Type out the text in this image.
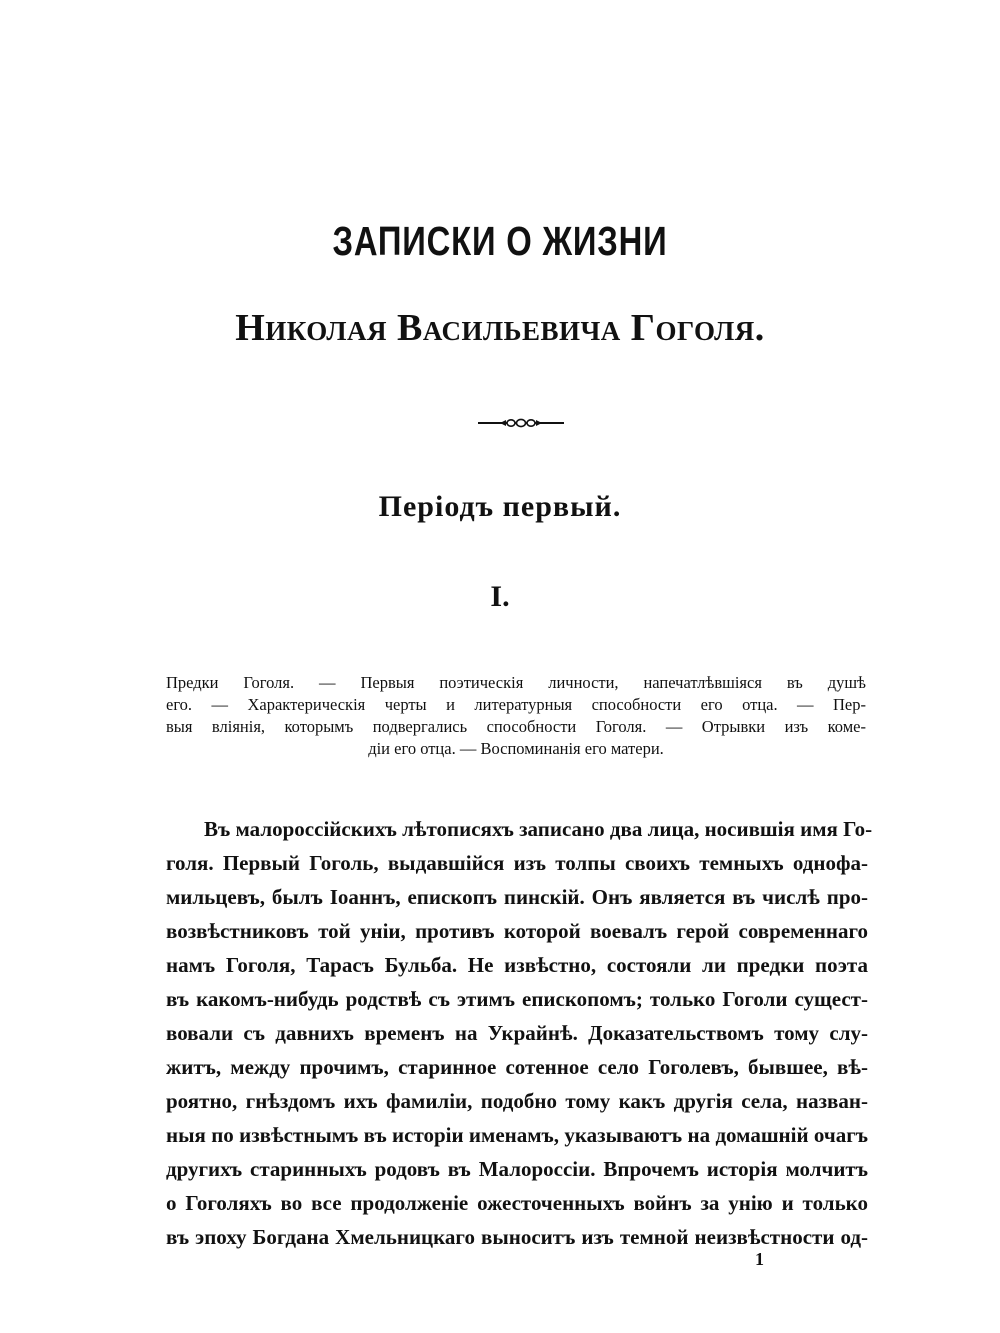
ЗАПИСКИ О ЖИЗНИ
Николая Васильевича Гоголя.
Періодъ первый.
I.
Предки Гоголя. — Первыя поэтическія личности, напечатлѣвшіяся въ душѣ
его. — Характерическія черты и литературныя способности его отца. — Пер-
выя вліянія, которымъ подвергались способности Гоголя. — Отрывки изъ коме-
діи его отца. — Воспоминанія его матери.
Въ малороссійскихъ лѣтописяхъ записано два лица, носившія имя Го-
голя. Первый Гоголь, выдавшійся изъ толпы своихъ темныхъ однофа-
мильцевъ, былъ Іоаннъ, епископъ пинскій. Онъ является въ числѣ про-
возвѣстниковъ той уніи, противъ которой воевалъ герой современнаго
намъ Гоголя, Тарасъ Бульба. Не извѣстно, состояли ли предки поэта
въ какомъ-нибудь родствѣ съ этимъ епископомъ; только Гоголи сущест-
вовали съ давнихъ временъ на Украйнѣ. Доказательствомъ тому слу-
житъ, между прочимъ, старинное сотенное село Гоголевъ, бывшее, вѣ-
роятно, гнѣздомъ ихъ фамиліи, подобно тому какъ другія села, назван-
ныя по извѣстнымъ въ исторіи именамъ, указываютъ на домашній очагъ
другихъ старинныхъ родовъ въ Малороссіи. Впрочемъ исторія молчитъ
о Гоголяхъ во все продолженіе ожесточенныхъ войнъ за унію и только
въ эпоху Богдана Хмельницкаго выноситъ изъ темной неизвѣстности од-
1
